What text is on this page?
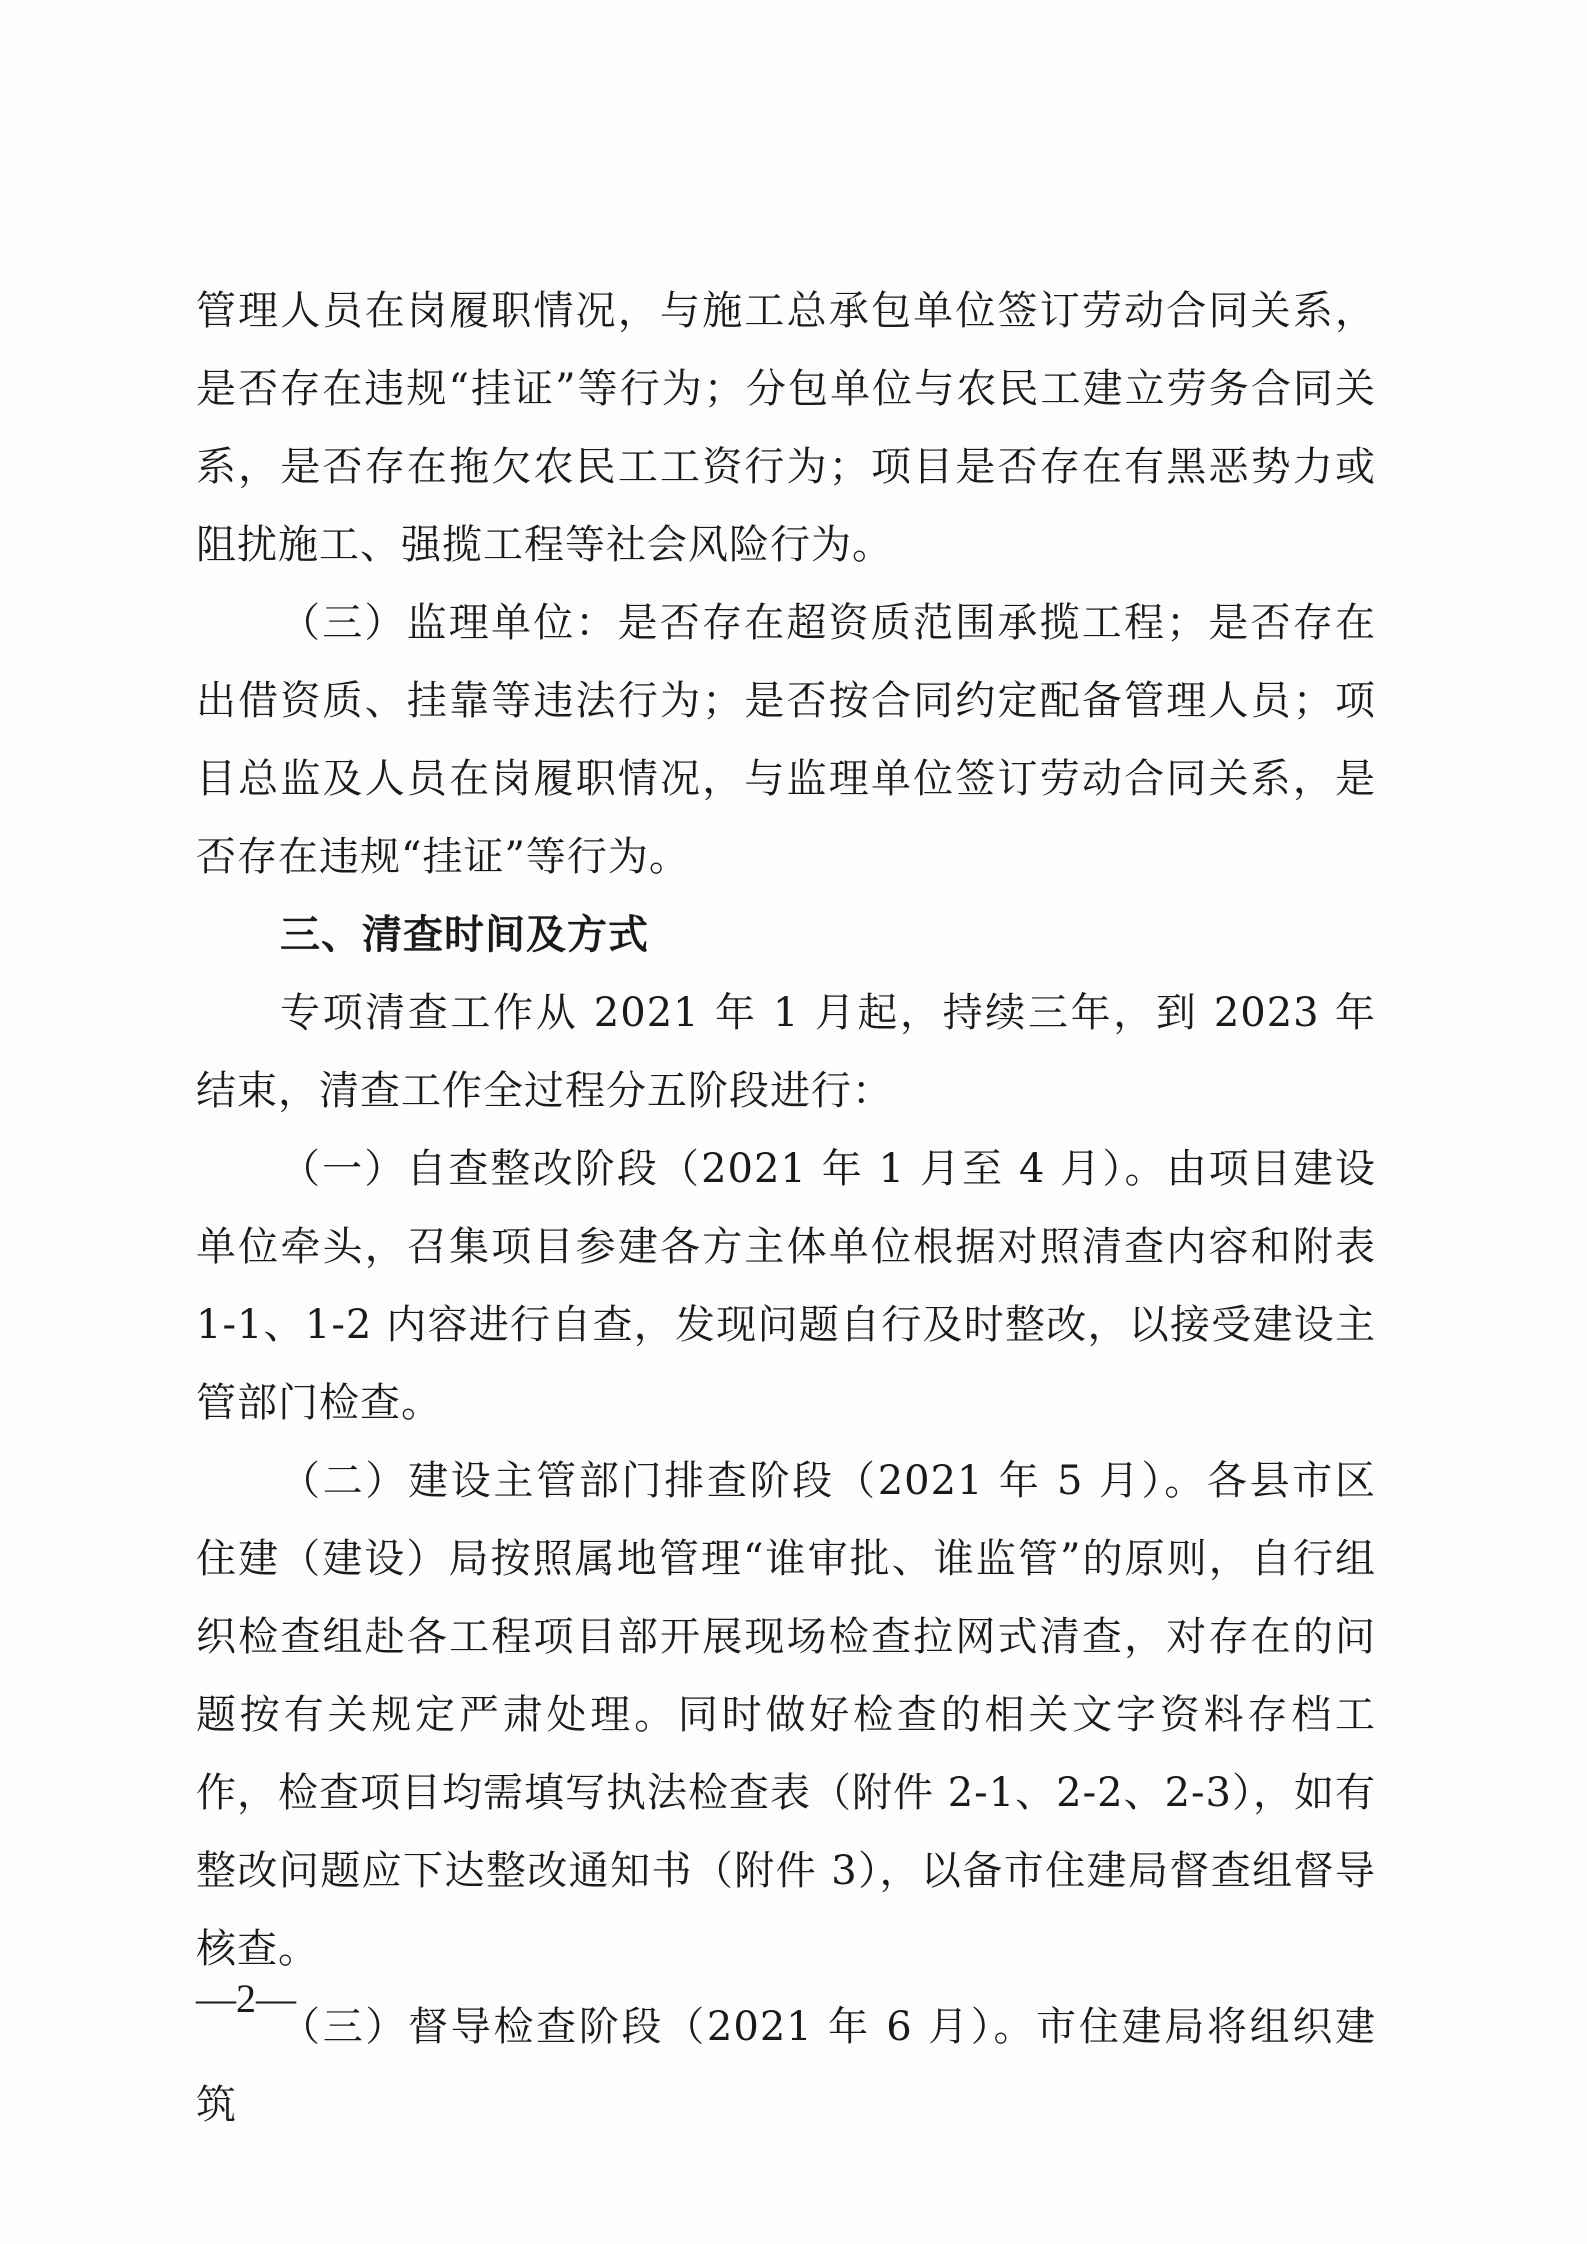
管理人员在岗履职情况，与施工总承包单位签订劳动合同关系，是否存在违规“挂证”等行为；分包单位与农民工建立劳务合同关系，是否存在拖欠农民工工资行为；项目是否存在有黑恶势力或阻扰施工、强揽工程等社会风险行为。

（三）监理单位：是否存在超资质范围承揽工程；是否存在出借资质、挂靠等违法行为；是否按合同约定配备管理人员；项目总监及人员在岗履职情况，与监理单位签订劳动合同关系，是否存在违规“挂证”等行为。

三、清查时间及方式

专项清查工作从 2021 年 1 月起，持续三年，到 2023 年结束，清查工作全过程分五阶段进行：

（一）自查整改阶段（2021 年 1 月至 4 月）。由项目建设单位牵头，召集项目参建各方主体单位根据对照清查内容和附表 1-1、1-2 内容进行自查，发现问题自行及时整改，以接受建设主管部门检查。

（二）建设主管部门排查阶段（2021 年 5 月）。各县市区住建（建设）局按照属地管理“谁审批、谁监管”的原则，自行组织检查组赴各工程项目部开展现场检查拉网式清查，对存在的问题按有关规定严肃处理。同时做好检查的相关文字资料存档工作，检查项目均需填写执法检查表（附件 2-1、2-2、2-3），如有整改问题应下达整改通知书（附件 3），以备市住建局督查组督导核查。

（三）督导检查阶段（2021 年 6 月）。市住建局将组织建筑

—2—
